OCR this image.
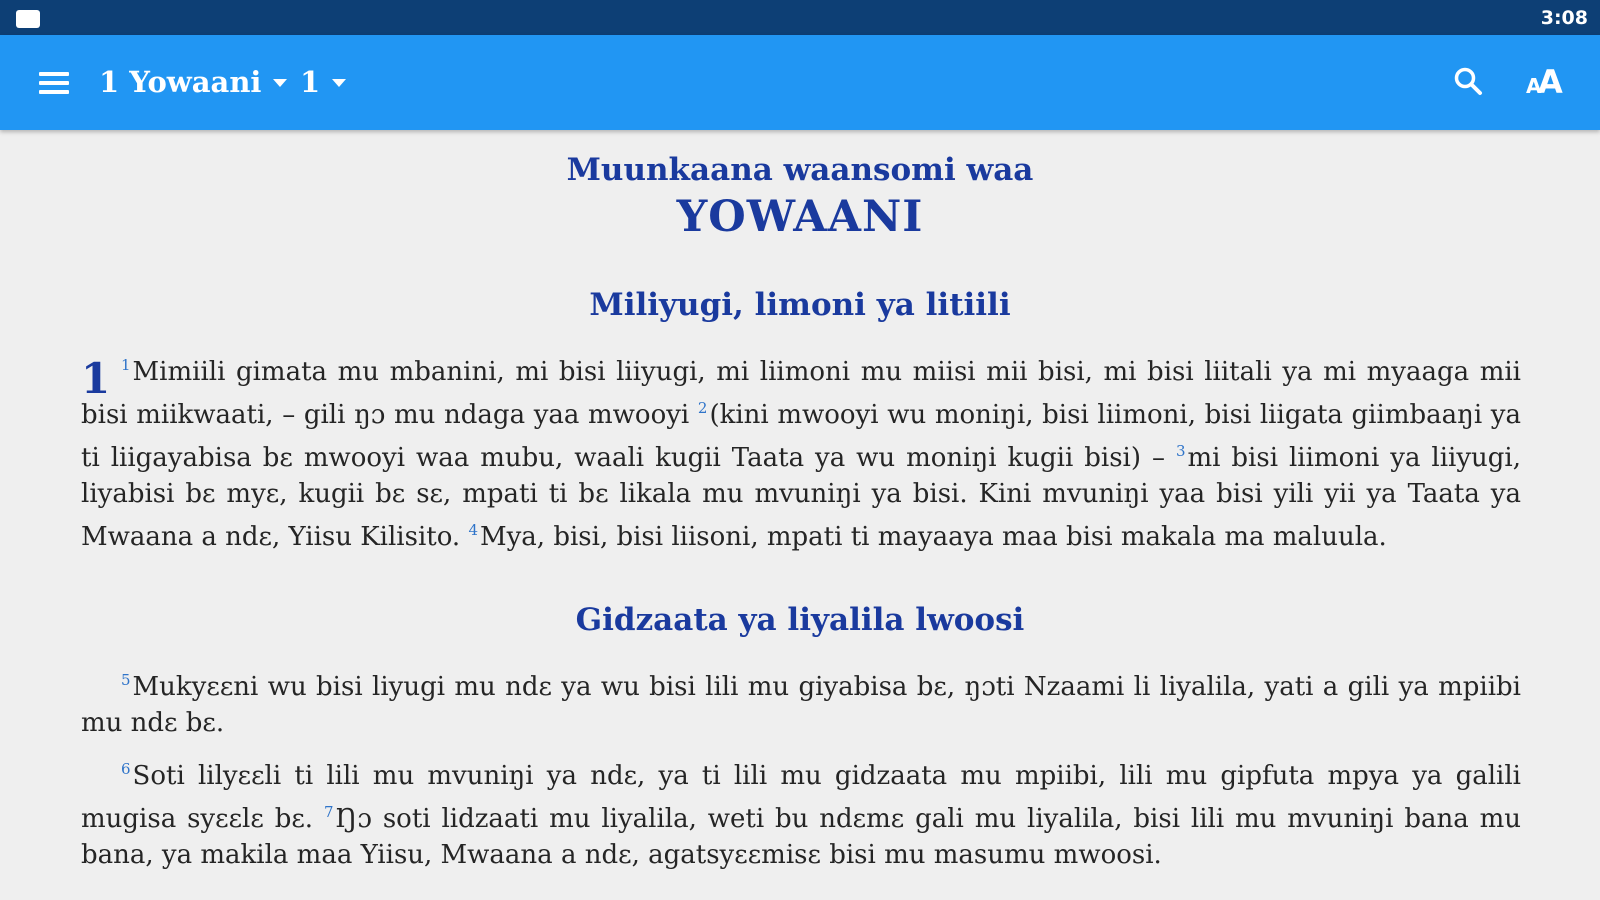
3:08
1 Yowaani 1	A
A
Muunkaana waansomi waa
YOWAANI
Miliyugi, limoni ya litiili
1 $^1$Mimiili gimata mu mbanini, mi bisi liiyugi, mi liimoni mu miisi mii bisi, mi bisi liitali ya mi myaaga mii bisi miikwaati, – gili ŋɔ mu ndaga yaa mwooyi $^2$(kini mwooyi wu moniŋi, bisi liimoni, bisi liigata giimbaaŋi ya ti liigayabisa bɛ mwooyi waa mubu, waali kugii Taata ya wu moniŋi kugii bisi) – $^3$mi bisi liimoni ya liiyugi, liyabisi bɛ myɛ, kugii bɛ sɛ, mpati ti bɛ likala mu mvuniŋi ya bisi. Kini mvuniŋi yaa bisi yili yii ya Taata ya Mwaana a ndɛ, Yiisu Kilisito. $^4$Mya, bisi, bisi liisoni, mpati ti mayaaya maa bisi makala ma maluula.
Gidzaata ya liyalila lwoosi
$^5$Mukyɛɛni wu bisi liyugi mu ndɛ ya wu bisi lili mu giyabisa bɛ, ŋɔti Nzaami li liyalila, yati a gili ya mpiibi mu ndɛ bɛ.
$^6$Soti lilyɛɛli ti lili mu mvuniŋi ya ndɛ, ya ti lili mu gidzaata mu mpiibi, lili mu gipfuta mpya ya galili mugisa syɛɛlɛ bɛ. $^7$Ŋɔ soti lidzaati mu liyalila, weti bu ndɛmɛ gali mu liyalila, bisi lili mu mvuniŋi bana mu bana, ya makila maa Yiisu, Mwaana a ndɛ, agatsyɛɛmisɛ bisi mu masumu mwoosi.
